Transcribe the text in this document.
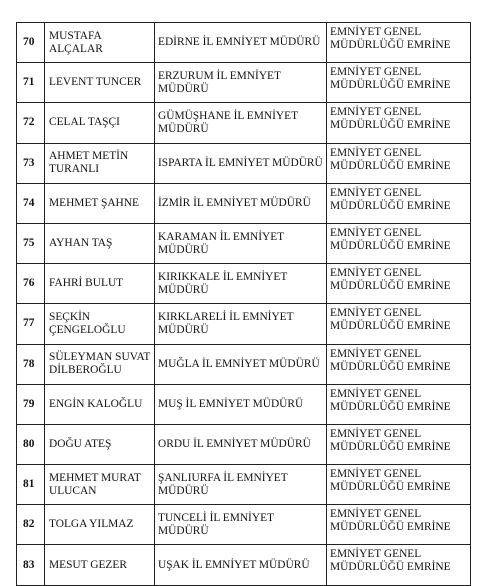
70	MUSTAFA ALÇALAR	EDİRNE İL EMNİYET MÜDÜRÜ	EMNİYET GENEL
MÜDÜRLÜĞÜ EMRİNE

71	LEVENT TUNCER	ERZURUM İL EMNİYET MÜDÜRÜ	EMNİYET GENEL
MÜDÜRLÜĞÜ EMRİNE

72	CELAL TAŞÇI	GÜMÜŞHANE İL EMNİYET MÜDÜRÜ	EMNİYET GENEL
MÜDÜRLÜĞÜ EMRİNE

73	AHMET METİN
TURANLI	ISPARTA İL EMNİYET MÜDÜRÜ	EMNİYET GENEL
MÜDÜRLÜĞÜ EMRİNE

74	MEHMET ŞAHNE	İZMİR İL EMNİYET MÜDÜRÜ	EMNİYET GENEL
MÜDÜRLÜĞÜ EMRİNE

75	AYHAN TAŞ	KARAMAN İL EMNİYET MÜDÜRÜ	EMNİYET GENEL
MÜDÜRLÜĞÜ EMRİNE

76	FAHRİ BULUT	KIRIKKALE İL EMNİYET MÜDÜRÜ	EMNİYET GENEL
MÜDÜRLÜĞÜ EMRİNE

77	SEÇKİN ÇENGELOĞLU	KIRKLARELİ İL EMNİYET MÜDÜRÜ	EMNİYET GENEL
MÜDÜRLÜĞÜ EMRİNE

78	SÜLEYMAN SUVAT
DİLBEROĞLU	MUĞLA İL EMNİYET MÜDÜRÜ	EMNİYET GENEL
MÜDÜRLÜĞÜ EMRİNE

79	ENGİN KALOĞLU	MUŞ İL EMNİYET MÜDÜRÜ	EMNİYET GENEL
MÜDÜRLÜĞÜ EMRİNE

80	DOĞU ATEŞ	ORDU İL EMNİYET MÜDÜRÜ	EMNİYET GENEL
MÜDÜRLÜĞÜ EMRİNE

81	MEHMET MURAT
ULUCAN	ŞANLIURFA İL EMNİYET MÜDÜRÜ	EMNİYET GENEL
MÜDÜRLÜĞÜ EMRİNE

82	TOLGA YILMAZ	TUNCELİ İL EMNİYET MÜDÜRÜ	EMNİYET GENEL
MÜDÜRLÜĞÜ EMRİNE

83	MESUT GEZER	UŞAK İL EMNİYET MÜDÜRÜ	EMNİYET GENEL
MÜDÜRLÜĞÜ EMRİNE
